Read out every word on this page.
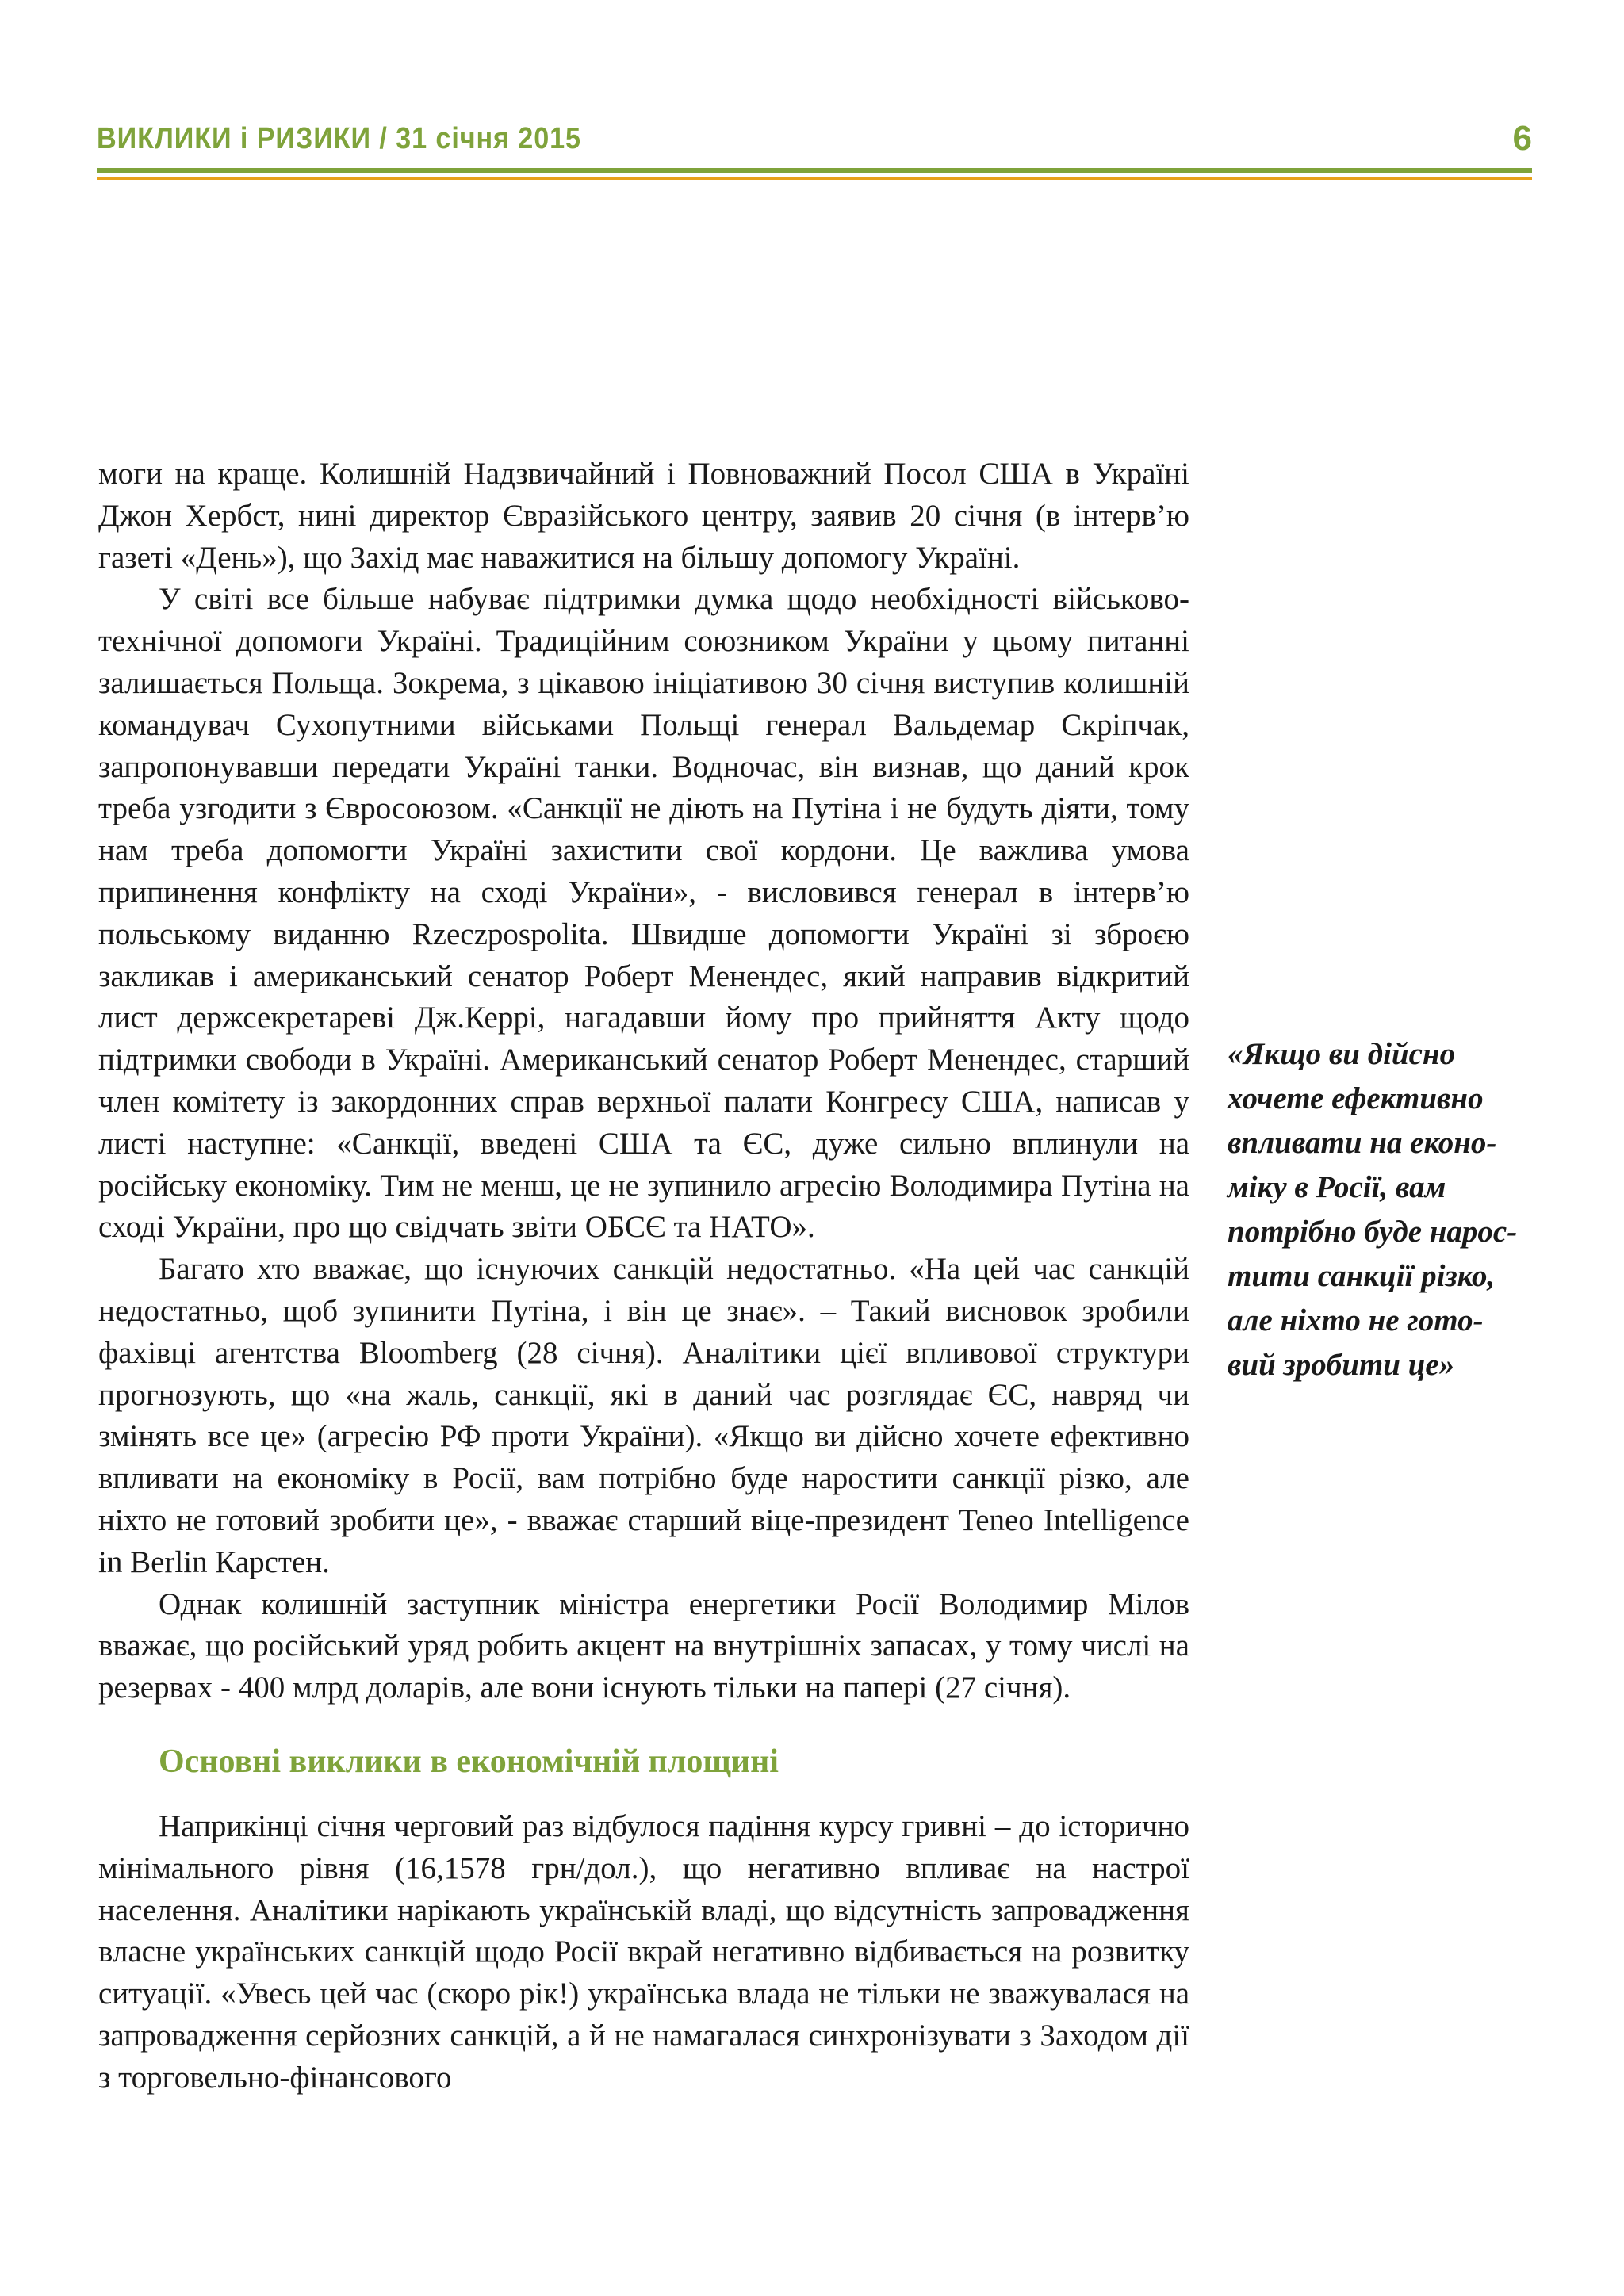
ВИКЛИКИ і РИЗИКИ / 31 січня 2015	6

моги на краще. Колишній Надзвичайний і Повноважний Посол США в Україні Джон Хербст, нині директор Євразійського центру, заявив 20 січня (в інтерв’ю газеті «День»), що Захід має наважитися на більшу допомогу Україні.

У світі все більше набуває підтримки думка щодо необхідності військово-технічної допомоги Україні. Традиційним союзником України у цьому питанні залишається Польща. Зокрема, з цікавою ініціативою 30 січня виступив колишній командувач Сухопутними військами Польщі генерал Вальдемар Скріпчак, запропонувавши передати Україні танки. Водночас, він визнав, що даний крок треба узгодити з Євросоюзом. «Санкції не діють на Путіна і не будуть діяти, тому нам треба допомогти Україні захистити свої кордони. Це важлива умова припинення конфлікту на сході України», - висловився генерал в інтерв’ю польському виданню Rzeczpospolita. Швидше допомогти Україні зі зброєю закликав і американський сенатор Роберт Менендес, який направив відкритий лист держсекретареві Дж.Керрі, нагадавши йому про прийняття Акту щодо підтримки свободи в Україні. Американський сенатор Роберт Менендес, старший член комітету із закордонних справ верхньої палати Конгресу США, написав у листі наступне: «Санкції, введені США та ЄС, дуже сильно вплинули на російську економіку. Тим не менш, це не зупинило агресію Володимира Путіна на сході України, про що свідчать звіти ОБСЄ та НАТО».

Багато хто вважає, що існуючих санкцій недостатньо. «На цей час санкцій недостатньо, щоб зупинити Путіна, і він це знає». – Такий висновок зробили фахівці агентства Bloomberg (28 січня). Аналітики цієї впливової структури прогнозують, що «на жаль, санкції, які в даний час розглядає ЄС, навряд чи змінять все це» (агресію РФ проти України). «Якщо ви дійсно хочете ефективно впливати на економіку в Росії, вам потрібно буде наростити санкції різко, але ніхто не готовий зробити це», - вважає старший віце-президент Teneo Intelligence in Berlin Карстен.

Однак колишній заступник міністра енергетики Росії Володимир Мілов вважає, що російський уряд робить акцент на внутрішніх запасах, у тому числі на резервах - 400 млрд доларів, але вони існують тільки на папері (27 січня).

Основні виклики в економічній площині

Наприкінці січня черговий раз відбулося падіння курсу гривні – до історично мінімального рівня (16,1578 грн/дол.), що негативно впливає на настрої населення. Аналітики нарікають українській владі, що відсутність запровадження власне українських санкцій щодо Росії вкрай негативно відбивається на розвитку ситуації. «Увесь цей час (скоро рік!) українська влада не тільки не зважувалася на запровадження серйозних санкцій, а й не намагалася синхронізувати з Заходом дії з торговельно-фінансового

«Якщо ви дійсно
хочете ефективно
впливати на еконо-
міку в Росії, вам
потрібно буде нарос-
тити санкції різко,
але ніхто не гото-
вий зробити це»
